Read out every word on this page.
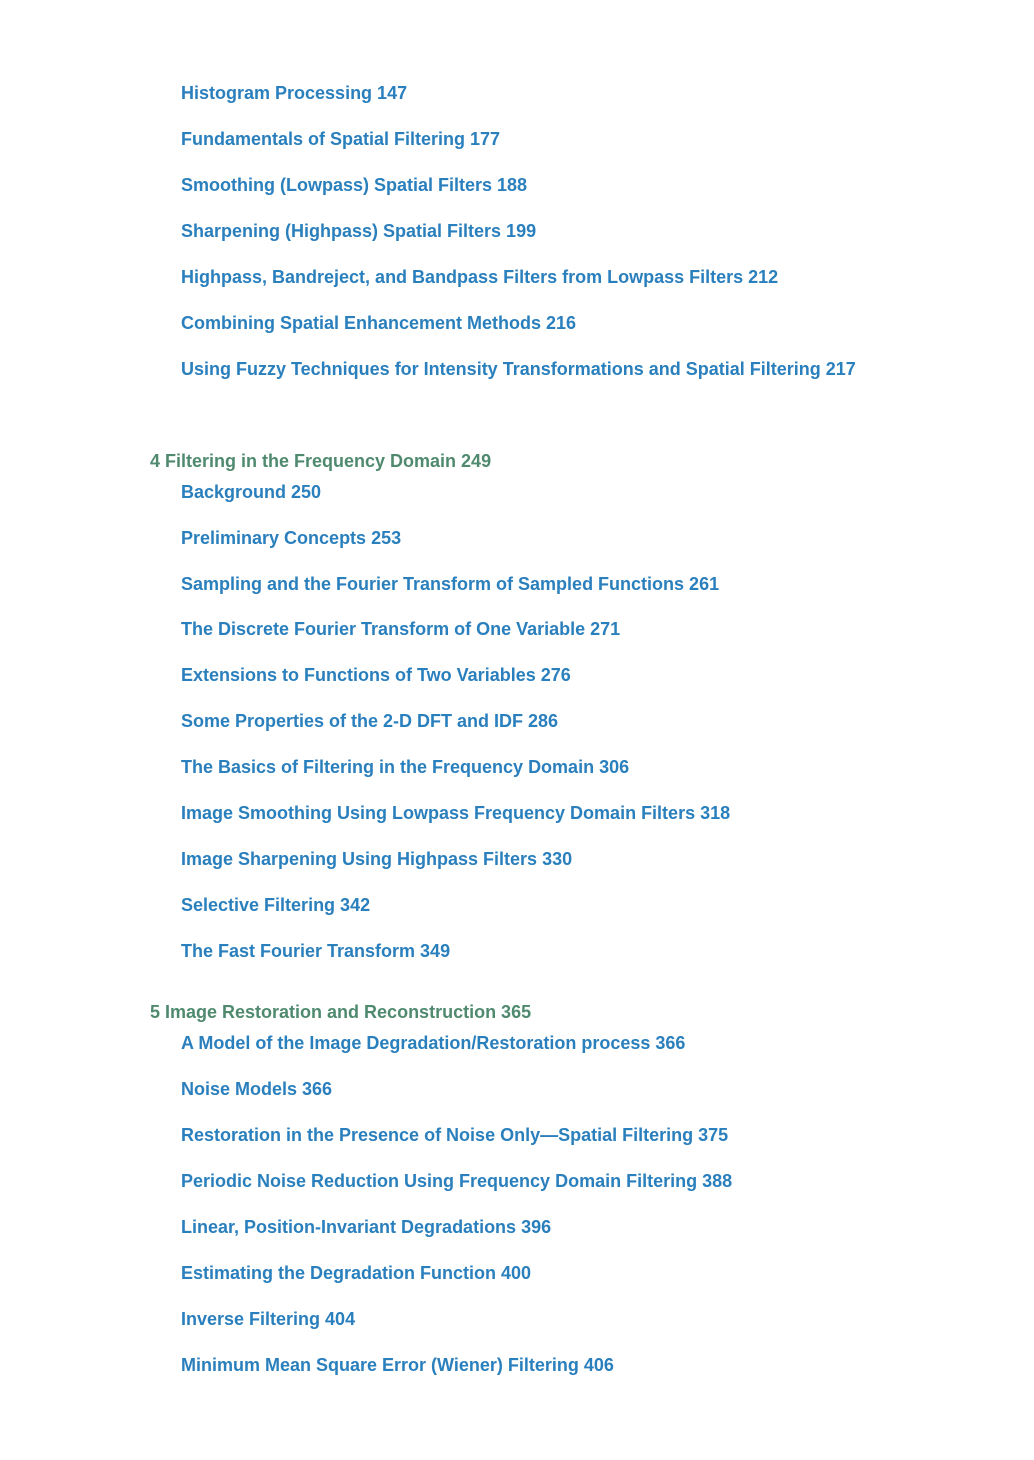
Histogram Processing 147
Fundamentals of Spatial Filtering 177
Smoothing (Lowpass) Spatial Filters 188
Sharpening (Highpass) Spatial Filters 199
Highpass, Bandreject, and Bandpass Filters from Lowpass Filters 212
Combining Spatial Enhancement Methods 216
Using Fuzzy Techniques for Intensity Transformations and Spatial Filtering 217
4 Filtering in the Frequency Domain 249
Background 250
Preliminary Concepts 253
Sampling and the Fourier Transform of Sampled Functions 261
The Discrete Fourier Transform of One Variable 271
Extensions to Functions of Two Variables 276
Some Properties of the 2-D DFT and IDF 286
The Basics of Filtering in the Frequency Domain 306
Image Smoothing Using Lowpass Frequency Domain Filters 318
Image Sharpening Using Highpass Filters 330
Selective Filtering 342
The Fast Fourier Transform 349
5 Image Restoration and Reconstruction 365
A Model of the Image Degradation/Restoration process 366
Noise Models 366
Restoration in the Presence of Noise Only—Spatial Filtering 375
Periodic Noise Reduction Using Frequency Domain Filtering 388
Linear, Position-Invariant Degradations 396
Estimating the Degradation Function 400
Inverse Filtering 404
Minimum Mean Square Error (Wiener) Filtering 406
